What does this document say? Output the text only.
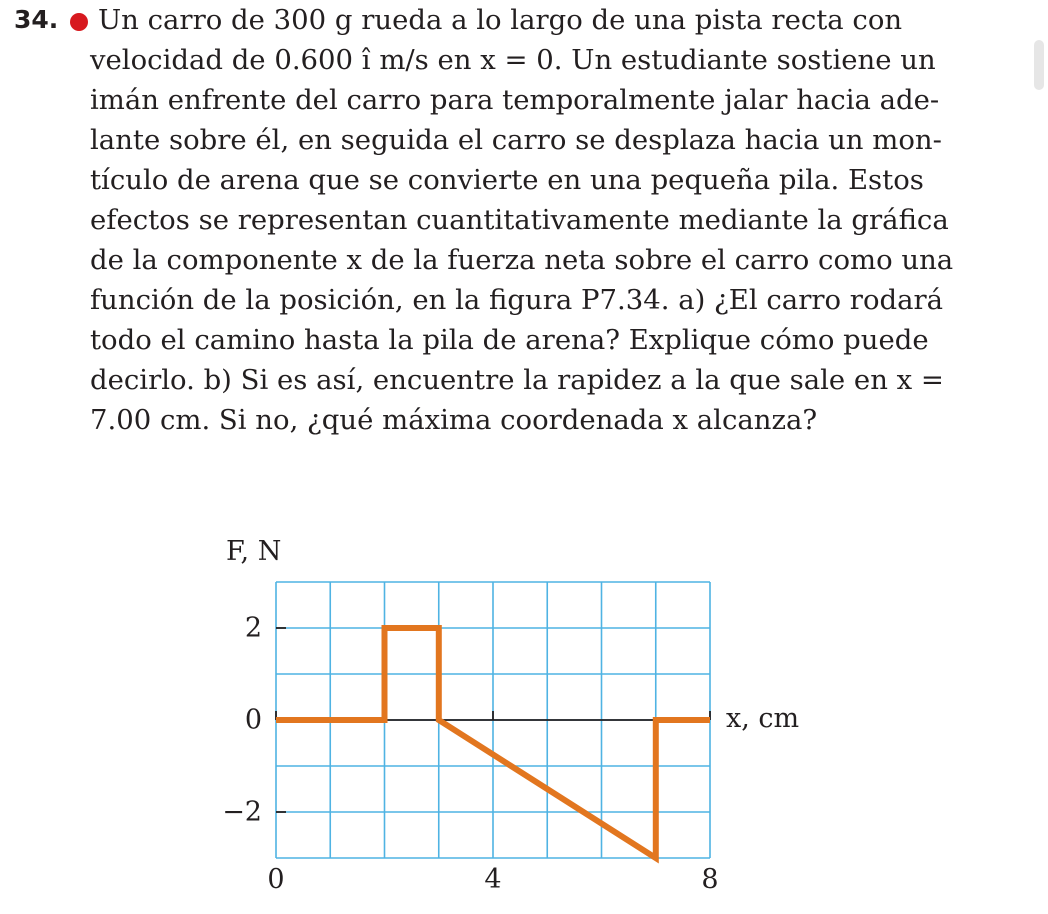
34. Un carro de 300 g rueda a lo largo de una pista recta con
velocidad de 0.600 î m/s en x = 0. Un estudiante sostiene un
imán enfrente del carro para temporalmente jalar hacia ade-
lante sobre él, en seguida el carro se desplaza hacia un mon-
tículo de arena que se convierte en una pequeña pila. Estos
efectos se representan cuantitativamente mediante la gráfica
de la componente x de la fuerza neta sobre el carro como una
función de la posición, en la figura P7.34. a) ¿El carro rodará
todo el camino hasta la pila de arena? Explique cómo puede
decirlo. b) Si es así, encuentre la rapidez a la que sale en x =
7.00 cm. Si no, ¿qué máxima coordenada x alcanza?
F, N
x, cm
0	4	8
2
0
−2
